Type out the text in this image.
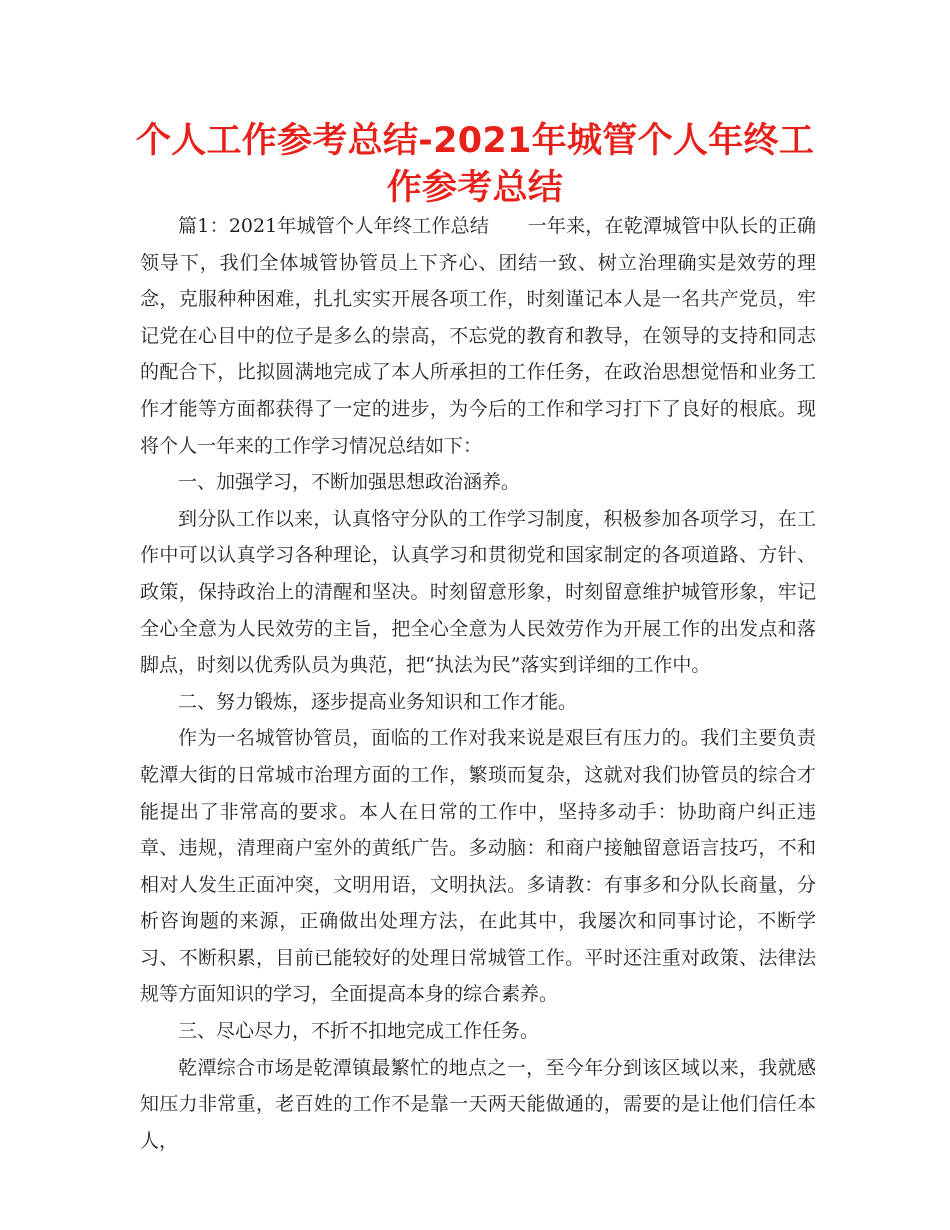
个人工作参考总结-2021年城管个人年终工作参考总结

篇1：2021年城管个人年终工作总结　　一年来，在乾潭城管中队长的正确领导下，我们全体城管协管员上下齐心、团结一致、树立治理确实是效劳的理念，克服种种困难，扎扎实实开展各项工作，时刻谨记本人是一名共产党员，牢记党在心目中的位子是多么的崇高，不忘党的教育和教导，在领导的支持和同志的配合下，比拟圆满地完成了本人所承担的工作任务，在政治思想觉悟和业务工作才能等方面都获得了一定的进步，为今后的工作和学习打下了良好的根底。现将个人一年来的工作学习情况总结如下：

一、加强学习，不断加强思想政治涵养。

到分队工作以来，认真恪守分队的工作学习制度，积极参加各项学习，在工作中可以认真学习各种理论，认真学习和贯彻党和国家制定的各项道路、方针、政策，保持政治上的清醒和坚决。时刻留意形象，时刻留意维护城管形象，牢记全心全意为人民效劳的主旨，把全心全意为人民效劳作为开展工作的出发点和落脚点，时刻以优秀队员为典范，把“执法为民”落实到详细的工作中。

二、努力锻炼，逐步提高业务知识和工作才能。

作为一名城管协管员，面临的工作对我来说是艰巨有压力的。我们主要负责乾潭大街的日常城市治理方面的工作，繁琐而复杂，这就对我们协管员的综合才能提出了非常高的要求。本人在日常的工作中，坚持多动手：协助商户纠正违章、违规，清理商户室外的黄纸广告。多动脑：和商户接触留意语言技巧，不和相对人发生正面冲突，文明用语，文明执法。多请教：有事多和分队长商量，分析咨询题的来源，正确做出处理方法，在此其中，我屡次和同事讨论，不断学习、不断积累，目前已能较好的处理日常城管工作。平时还注重对政策、法律法规等方面知识的学习，全面提高本身的综合素养。

三、尽心尽力，不折不扣地完成工作任务。

乾潭综合市场是乾潭镇最繁忙的地点之一，至今年分到该区域以来，我就感知压力非常重，老百姓的工作不是靠一天两天能做通的，需要的是让他们信任本人，
